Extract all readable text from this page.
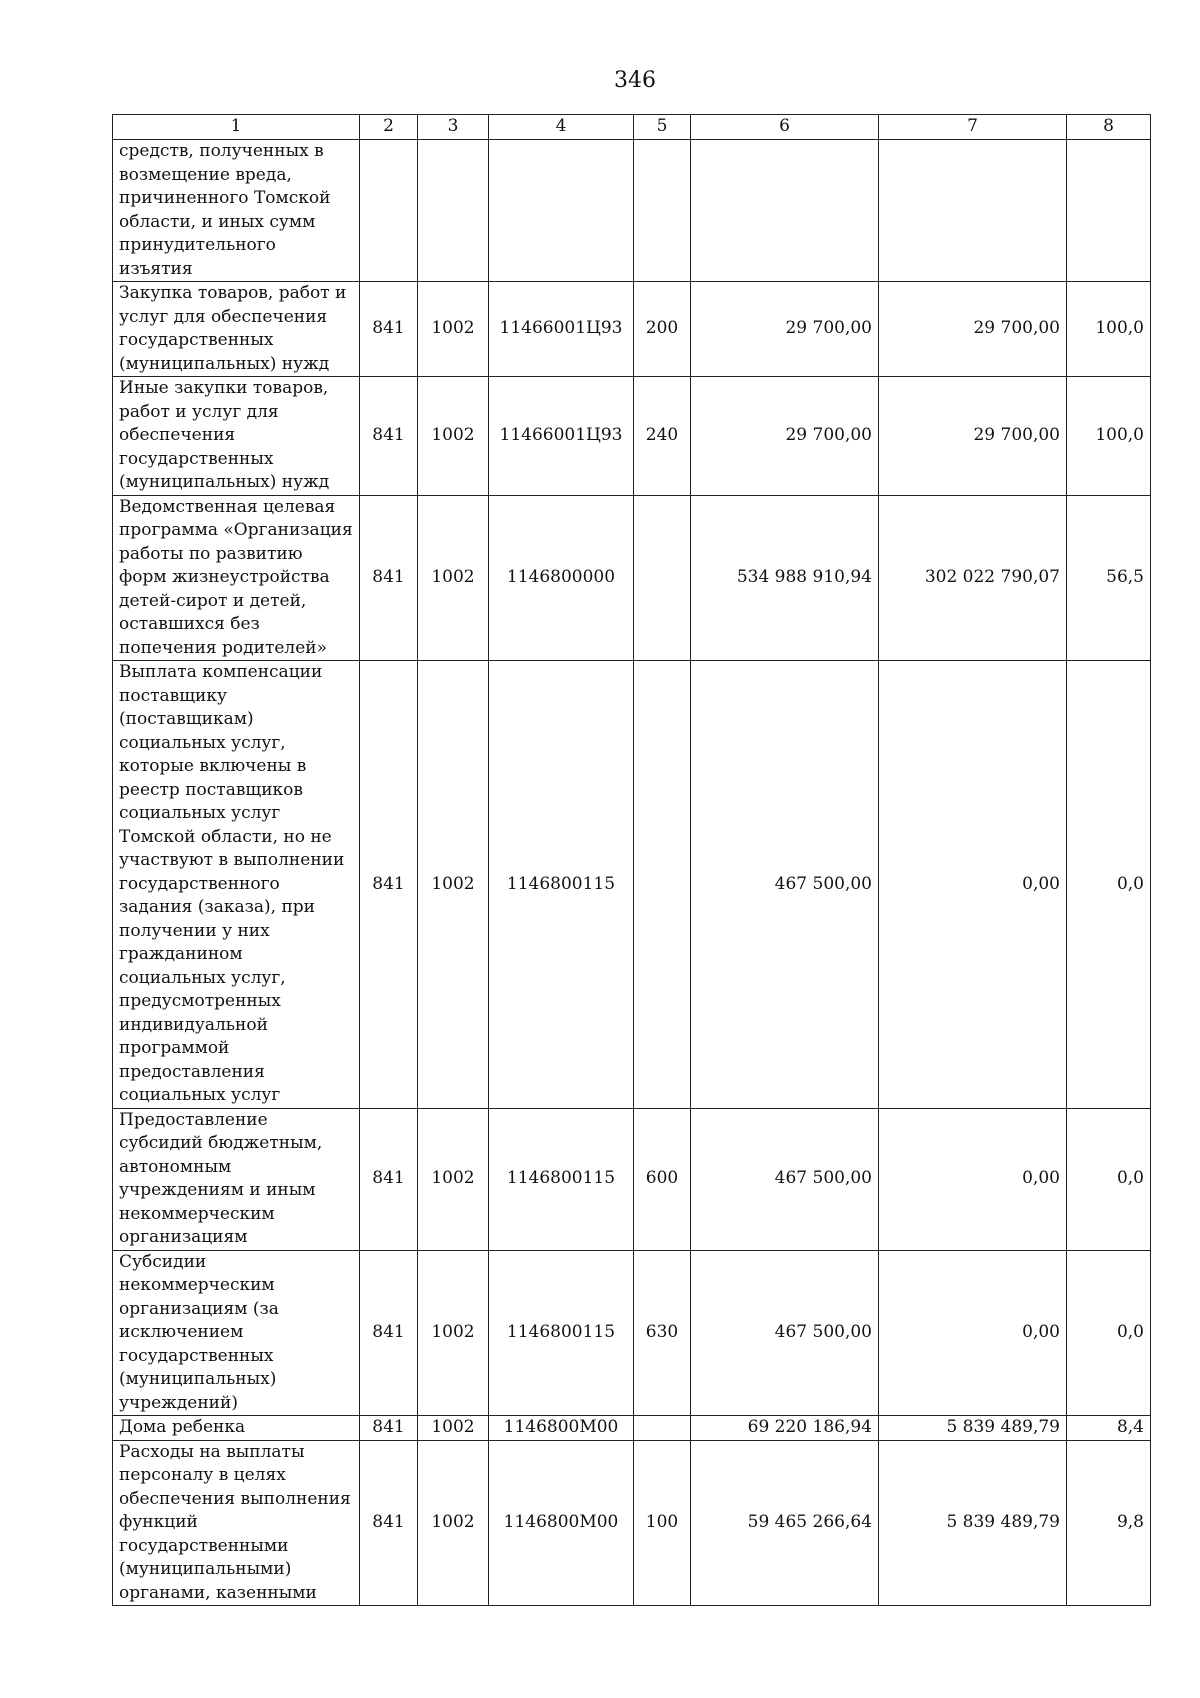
346
1	2	3	4	5	6	7	8
средств, полученных в возмещение вреда, причиненного Томской области, и иных сумм принудительного изъятия							
Закупка товаров, работ и услуг для обеспечения государственных (муниципальных) нужд	841	1002	11466001Ц93	200	29 700,00	29 700,00	100,0
Иные закупки товаров, работ и услуг для обеспечения государственных (муниципальных) нужд	841	1002	11466001Ц93	240	29 700,00	29 700,00	100,0
Ведомственная целевая программа «Организация работы по развитию форм жизнеустройства детей-сирот и детей, оставшихся без попечения родителей»	841	1002	1146800000		534 988 910,94	302 022 790,07	56,5
Выплата компенсации поставщику (поставщикам) социальных услуг, которые включены в реестр поставщиков социальных услуг Томской области, но не участвуют в выполнении государственного задания (заказа), при получении у них гражданином социальных услуг, предусмотренных индивидуальной программой предоставления социальных услуг	841	1002	1146800115		467 500,00	0,00	0,0
Предоставление субсидий бюджетным, автономным учреждениям и иным некоммерческим организациям	841	1002	1146800115	600	467 500,00	0,00	0,0
Субсидии некоммерческим организациям (за исключением государственных (муниципальных) учреждений)	841	1002	1146800115	630	467 500,00	0,00	0,0
Дома ребенка	841	1002	1146800М00		69 220 186,94	5 839 489,79	8,4
Расходы на выплаты персоналу в целях обеспечения выполнения функций государственными (муниципальными) органами, казенными	841	1002	1146800М00	100	59 465 266,64	5 839 489,79	9,8
